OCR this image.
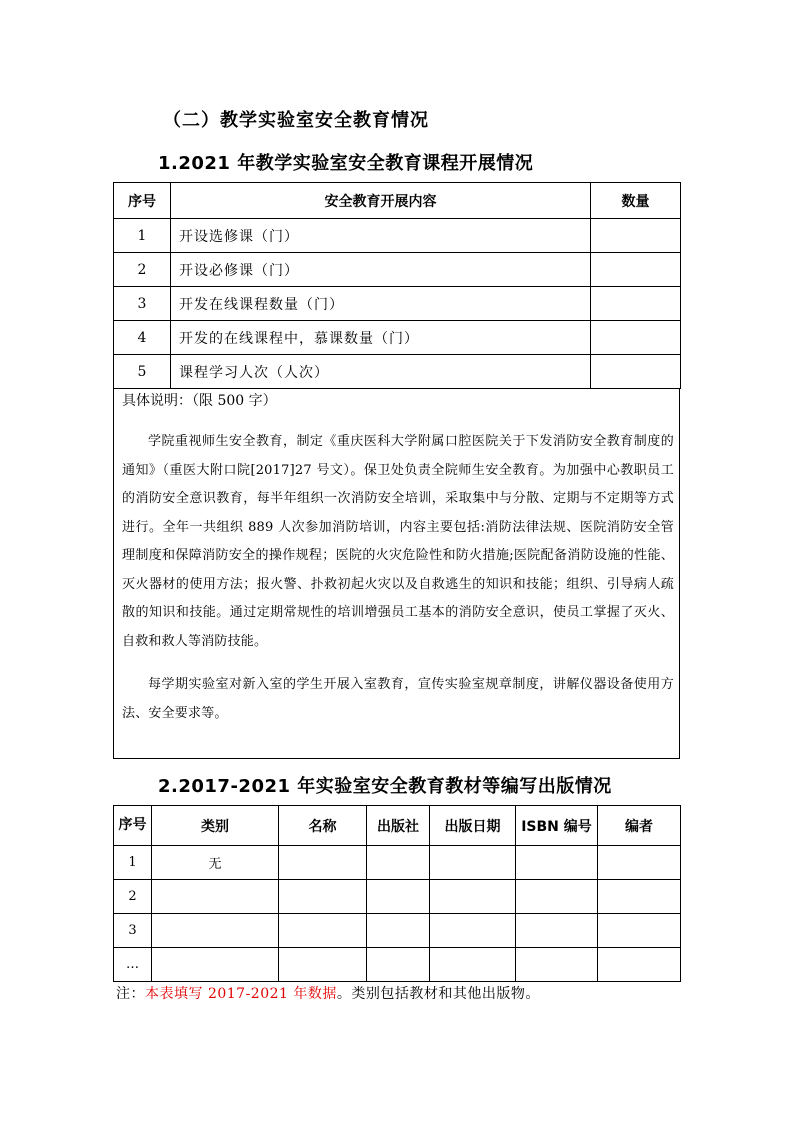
（二）教学实验室安全教育情况
1.2021 年教学实验室安全教育课程开展情况
序号	安全教育开展内容	数量
1	开设选修课（门）	
2	开设必修课（门）	
3	开发在线课程数量（门）	
4	开发的在线课程中，慕课数量（门）	
5	课程学习人次（人次）	
具体说明：（限 500 字）
学院重视师生安全教育，制定《重庆医科大学附属口腔医院关于下发消防安全教育制度的通知》（重医大附口院[2017]27 号文）。保卫处负责全院师生安全教育。为加强中心教职员工的消防安全意识教育，每半年组织一次消防安全培训，采取集中与分散、定期与不定期等方式进行。全年一共组织 889 人次参加消防培训，内容主要包括:消防法律法规、医院消防安全管理制度和保障消防安全的操作规程；医院的火灾危险性和防火措施;医院配备消防设施的性能、灭火器材的使用方法；报火警、扑救初起火灾以及自救逃生的知识和技能；组织、引导病人疏散的知识和技能。通过定期常规性的培训增强员工基本的消防安全意识，使员工掌握了灭火、自救和救人等消防技能。
每学期实验室对新入室的学生开展入室教育，宣传实验室规章制度，讲解仪器设备使用方法、安全要求等。
2.2017-2021 年实验室安全教育教材等编写出版情况
序号	类别	名称	出版社	出版日期	ISBN 编号	编者
1	无					
2						
3						
…						
注：本表填写 2017-2021 年数据。类别包括教材和其他出版物。
